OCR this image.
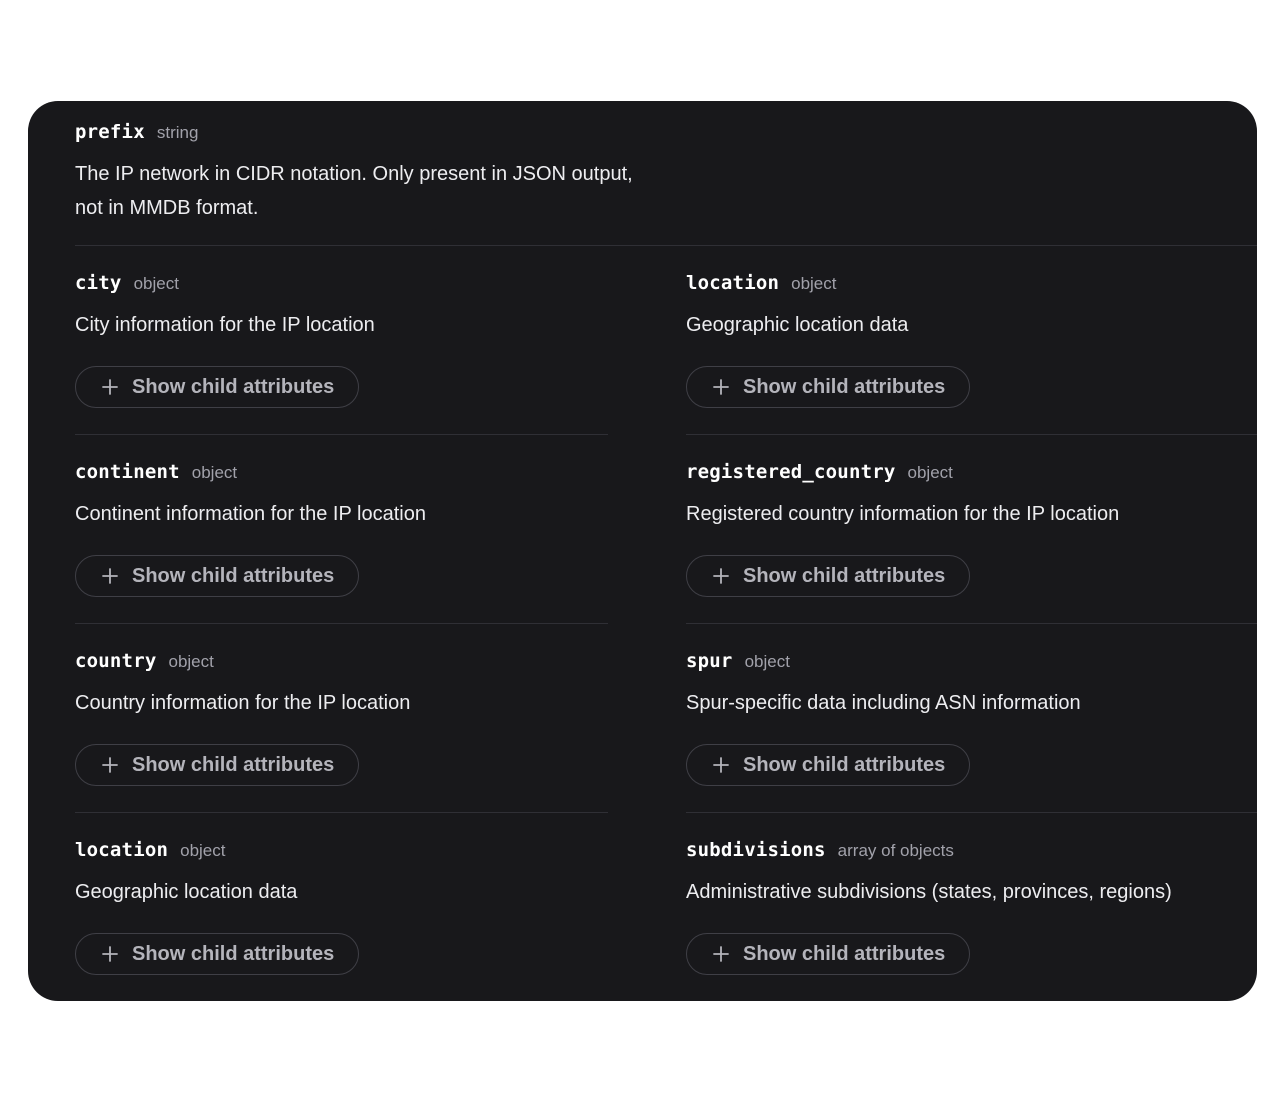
prefix string
The IP network in CIDR notation. Only present in JSON output, not in MMDB format.
city object
City information for the IP location
Show child attributes
continent object
Continent information for the IP location
Show child attributes
country object
Country information for the IP location
Show child attributes
location object
Geographic location data
Show child attributes
location object
Geographic location data
Show child attributes
registered_country object
Registered country information for the IP location
Show child attributes
spur object
Spur-specific data including ASN information
Show child attributes
subdivisions array of objects
Administrative subdivisions (states, provinces, regions)
Show child attributes
